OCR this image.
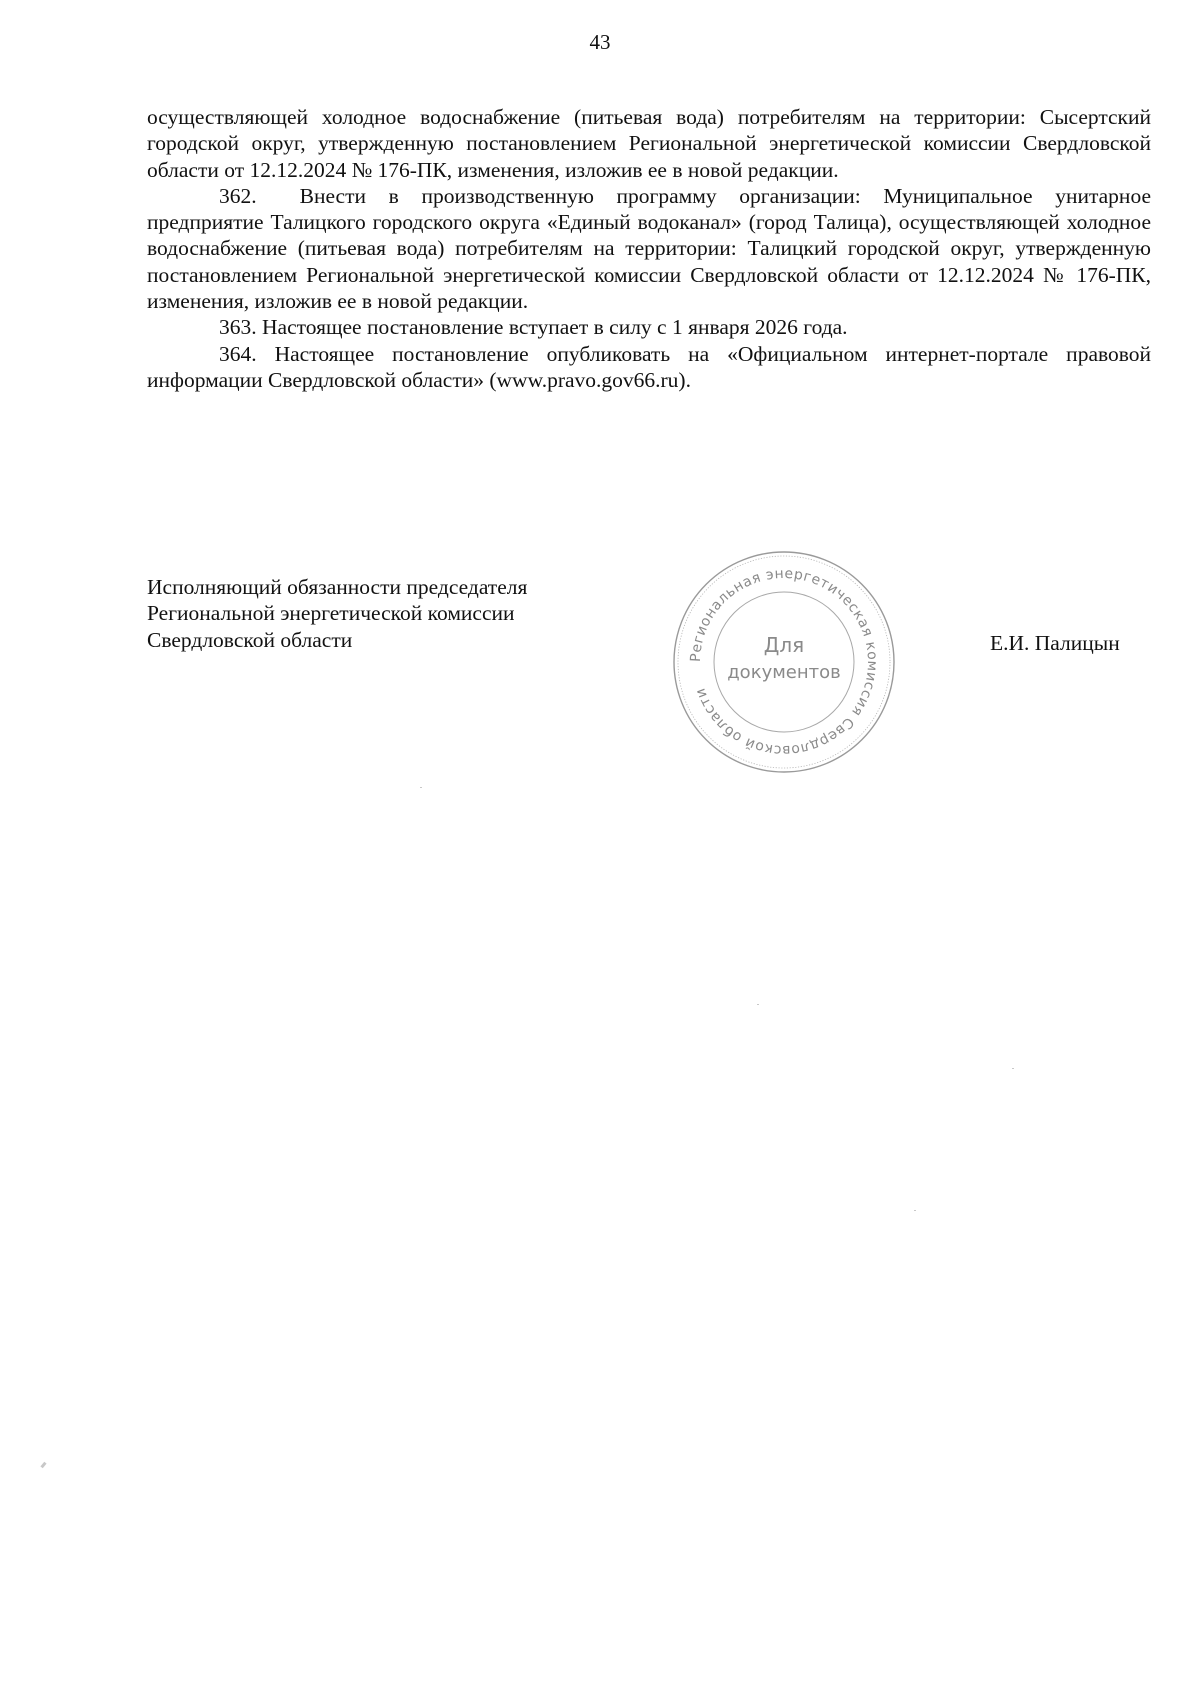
43

осуществляющей холодное водоснабжение (питьевая вода) потребителям на территории: Сысертский городской округ, утвержденную постановлением Региональной энергетической комиссии Свердловской области от 12.12.2024 № 176-ПК, изменения, изложив ее в новой редакции.

362.  Внести в производственную программу организации: Муниципальное унитарное предприятие Талицкого городского округа «Единый водоканал» (город Талица), осуществляющей холодное водоснабжение (питьевая вода) потребителям на территории: Талицкий городской округ, утвержденную постановлением Региональной энергетической комиссии Свердловской области от 12.12.2024 № 176-ПК, изменения, изложив ее в новой редакции.

363. Настоящее постановление вступает в силу с 1 января 2026 года.

364. Настоящее постановление опубликовать на «Официальном интернет-портале правовой информации Свердловской области» (www.pravo.gov66.ru).

Исполняющий обязанности председателя
Региональной энергетической комиссии
Свердловской области	Е.И. Палицын
Региональная энергетическая комиссия Свердловской области
Для
документов
